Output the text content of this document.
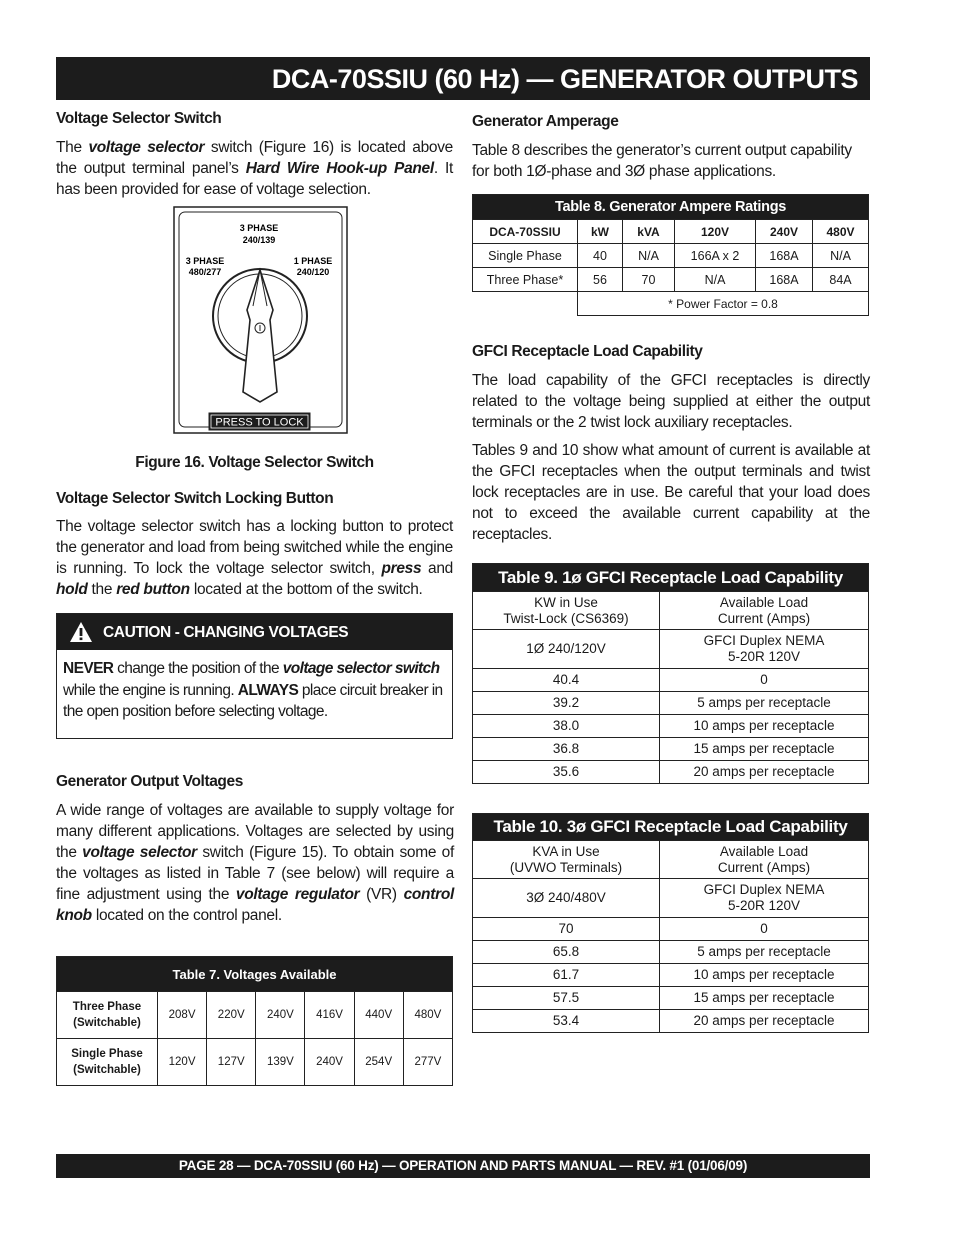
DCA-70SSIU (60 Hz) — GENERATOR OUTPUTS
Voltage Selector Switch
The voltage selector switch (Figure 16) is located above the output terminal panel’s Hard Wire Hook-up Panel. It has been provided for ease of voltage selection.
PRESS TO LOCK
3 PHASE
240/139
3 PHASE
480/277
1 PHASE
240/120
Figure 16. Voltage Selector Switch
Voltage Selector Switch Locking Button
The voltage selector switch has a locking button to protect the generator and load from being switched while the engine is running. To lock the voltage selector switch, press and hold the red button located at the bottom of the switch.
CAUTION - CHANGING VOLTAGES
NEVER change the position of the voltage selector switch while the engine is running. ALWAYS place circuit breaker in the open position before selecting voltage.
Generator Output Voltages
A wide range of voltages are available to supply voltage for many different applications. Voltages are selected by using the voltage selector switch (Figure 15). To obtain some of the voltages as listed in Table 7 (see below) will require a fine adjustment using the voltage regulator (VR) control knob located on the control panel.
Table 7. Voltages Available						
Three Phase
(Switchable)	208V	220V	240V	416V	440V	480V
Single Phase
(Switchable)	120V	127V	139V	240V	254V	277V
Generator Amperage
Table 8 describes the generator’s current output capability for both 1Ø-phase and 3Ø phase applications.
Table 8. Generator Ampere Ratings					
DCA-70SSIU	kW	kVA	120V	240V	480V
Single Phase	40	N/A	166A x 2	168A	N/A
Three Phase*	56	70	N/A	168A	84A
	* Power Factor = 0.8				
GFCI Receptacle Load Capability
The load capability of the GFCI receptacles is directly related to the voltage being supplied at either the output terminals or the 2 twist lock auxiliary receptacles.
Tables 9 and 10 show what amount of current is available at the GFCI receptacles when the output terminals and twist lock receptacles are in use. Be careful that your load does not to exceed the available current capability at the receptacles.
Table 9. 1ø GFCI Receptacle Load Capability	
KW in Use
Twist-Lock (CS6369)	Available Load
Current (Amps)
1Ø 240/120V	GFCI Duplex NEMA
5-20R 120V
40.4	0
39.2	5 amps per receptacle
38.0	10 amps per receptacle
36.8	15 amps per receptacle
35.6	20 amps per receptacle
Table 10. 3ø GFCI Receptacle Load Capability	
KVA in Use
(UVWO Terminals)	Available Load
Current (Amps)
3Ø 240/480V	GFCI Duplex NEMA
5-20R 120V
70	0
65.8	5 amps per receptacle
61.7	10 amps per receptacle
57.5	15 amps per receptacle
53.4	20 amps per receptacle
PAGE 28 — DCA-70SSIU (60 Hz) — OPERATION AND PARTS MANUAL — REV. #1 (01/06/09)
